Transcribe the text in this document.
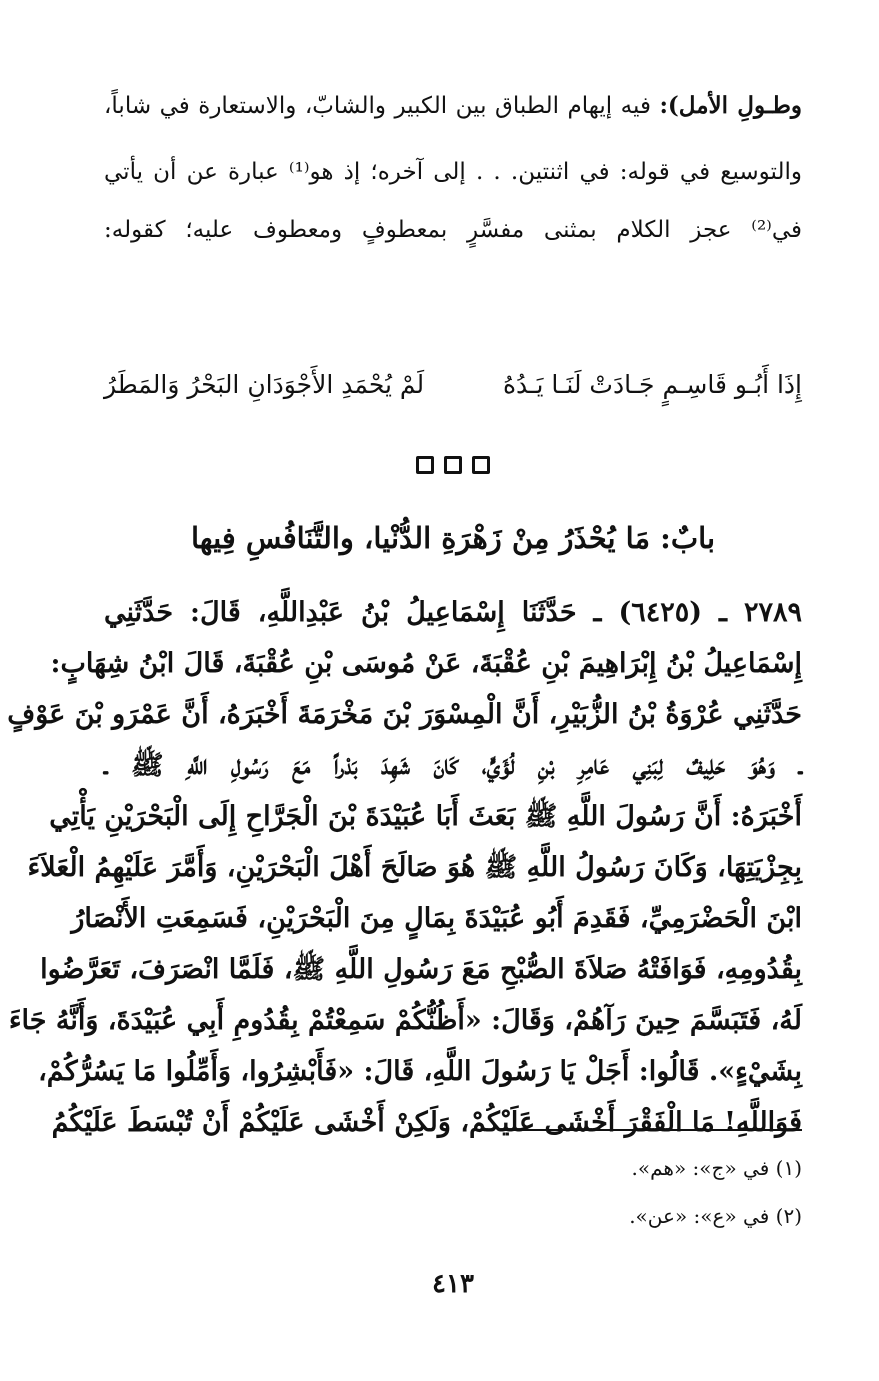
وطـولِ الأمل): فيه إيهام الطباق بين الكبير والشابّ، والاستعارة في شاباً،
والتوسيع في قوله: في اثنتين. . . إلى آخره؛ إذ هو⁽¹⁾ عبارة عن أن يأتي
في⁽²⁾ عجز الكلام بمثنى مفسَّرٍ بمعطوفٍ ومعطوف عليه؛ كقوله:
إِذَا أَبُـو قَاسِـمٍ جَـادَتْ لَنَـا يَـدُهُ
لَمْ يُحْمَدِ الأَجْوَدَانِ البَحْرُ وَالمَطَرُ
بابٌ: مَا يُحْذَرُ مِنْ زَهْرَةِ الدُّنْيا، والتَّنَافُسِ فِيها
٢٧٨٩ ـ (٦٤٢٥) ـ حَدَّثَنَا إِسْمَاعِيلُ بْنُ عَبْدِاللَّهِ، قَالَ: حَدَّثَنِي
إِسْمَاعِيلُ بْنُ إِبْرَاهِيمَ بْنِ عُقْبَةَ، عَنْ مُوسَى بْنِ عُقْبَةَ، قَالَ ابْنُ شِهَابٍ:
حَدَّثَنِي عُرْوَةُ بْنُ الزُّبَيْرِ، أَنَّ الْمِسْوَرَ بْنَ مَخْرَمَةَ أَخْبَرَهُ، أَنَّ عَمْرَو بْنَ عَوْفٍ
ـ وَهُوَ حَلِيفٌ لِبَنِي عَامِرِ بْنِ لُؤَيٍّ، كَانَ شَهِدَ بَدْراً مَعَ رَسُولِ اللَّهِ ﷺ ـ
أَخْبَرَهُ: أَنَّ رَسُولَ اللَّهِ ﷺ بَعَثَ أَبَا عُبَيْدَةَ بْنَ الْجَرَّاحِ إِلَى الْبَحْرَيْنِ يَأْتِي
بِجِزْيَتِهَا، وَكَانَ رَسُولُ اللَّهِ ﷺ هُوَ صَالَحَ أَهْلَ الْبَحْرَيْنِ، وَأَمَّرَ عَلَيْهِمُ الْعَلاَءَ
ابْنَ الْحَضْرَمِيِّ، فَقَدِمَ أَبُو عُبَيْدَةَ بِمَالٍ مِنَ الْبَحْرَيْنِ، فَسَمِعَتِ الأَنْصَارُ
بِقُدُومِهِ، فَوَافَتْهُ صَلاَةَ الصُّبْحِ مَعَ رَسُولِ اللَّهِ ﷺ، فَلَمَّا انْصَرَفَ، تَعَرَّضُوا
لَهُ، فَتَبَسَّمَ حِينَ رَآهُمْ، وَقَالَ: «أَظُنُّكُمْ سَمِعْتُمْ بِقُدُومِ أَبِي عُبَيْدَةَ، وَأَنَّهُ جَاءَ
بِشَيْءٍ». قَالُوا: أَجَلْ يَا رَسُولَ اللَّهِ، قَالَ: «فَأَبْشِرُوا، وَأَمِّلُوا مَا يَسُرُّكُمْ،
فَوَاللَّهِ! مَا الْفَقْرَ أَخْشَى عَلَيْكُمْ، وَلَكِنْ أَخْشَى عَلَيْكُمْ أَنْ تُبْسَطَ عَلَيْكُمُ
(١) في «ج»: «هم».
(٢) في «ع»: «عن».
٤١٣
